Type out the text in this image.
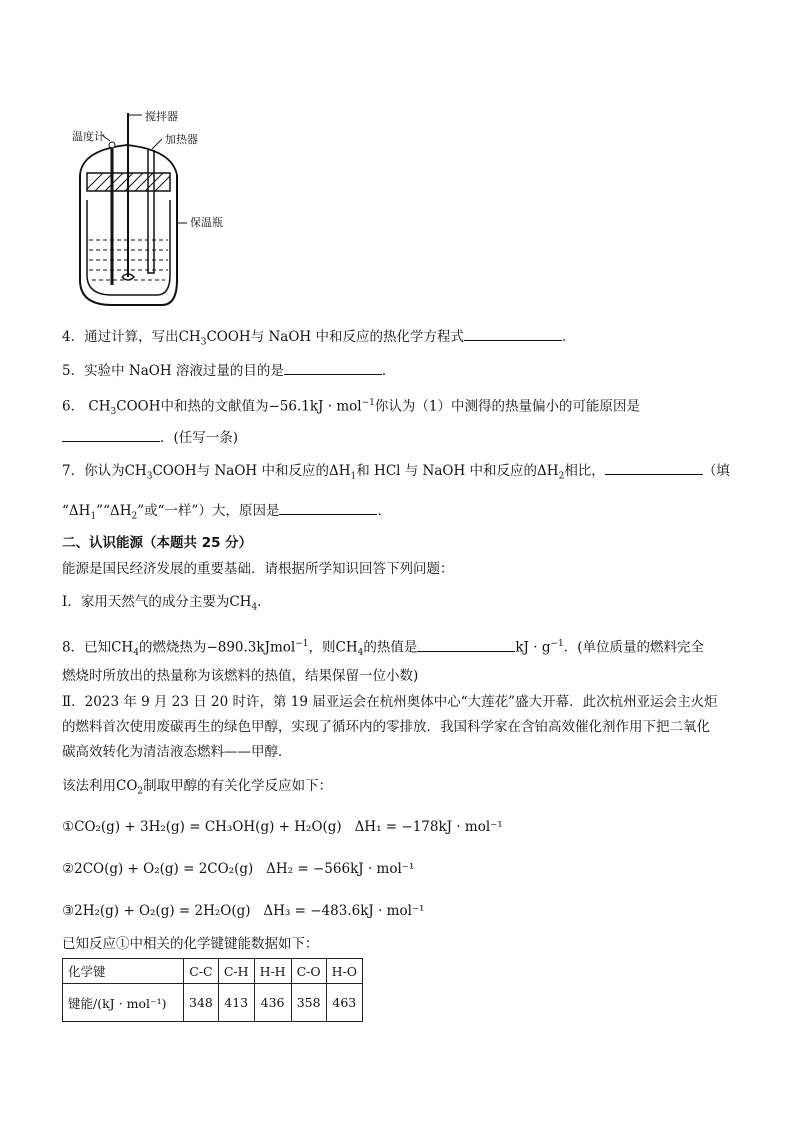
搅拌器
温度计	加热器
保温瓶
4．通过计算，写出$CH_3COOH$与 NaOH 中和反应的热化学方程式	．
5．实验中 NaOH 溶液过量的目的是	．
6． $CH_3COOH$中和热的文献值为−56.1kJ · mol$^{-1}$你认为（1）中测得的热量偏小的可能原因是
．(任写一条)
7．你认为$CH_3COOH$与 NaOH 中和反应的$\Delta H_1$和 HCl 与 NaOH 中和反应的$\Delta H_2$相比，	（填
“$\Delta H_1”“\Delta H_2$”或“一样”）大，原因是	．
二、认识能源（本题共 25 分）
能源是国民经济发展的重要基础．请根据所学知识回答下列问题：
Ⅰ．家用天然气的成分主要为$CH_4$．
8．已知$CH_4$的燃烧热为−890.3kJmol$^{-1}$，则$CH_4$的热值是	kJ · $g^{-1}$．(单位质量的燃料完全
燃烧时所放出的热量称为该燃料的热值，结果保留一位小数)
Ⅱ．2023 年 9 月 23 日 20 时许，第 19 届亚运会在杭州奥体中心“大莲花”盛大开幕．此次杭州亚运会主火炬
的燃料首次使用废碳再生的绿色甲醇，实现了循环内的零排放．我国科学家在含铂高效催化剂作用下把二氧化
碳高效转化为清洁液态燃料——甲醇．
该法利用$CO_2$制取甲醇的有关化学反应如下：
①CO₂(g) + 3H₂(g) = CH₃OH(g) + H₂O(g) ΔH₁ = −178kJ · mol⁻¹
②2CO(g) + O₂(g) = 2CO₂(g) ΔH₂ = −566kJ · mol⁻¹
③2H₂(g) + O₂(g) = 2H₂O(g) ΔH₃ = −483.6kJ · mol⁻¹
已知反应①中相关的化学键键能数据如下：
化学键	C-C	C-H	H-H	C-O	H-O
键能/(kJ · mol⁻¹)	348	413	436	358	463
